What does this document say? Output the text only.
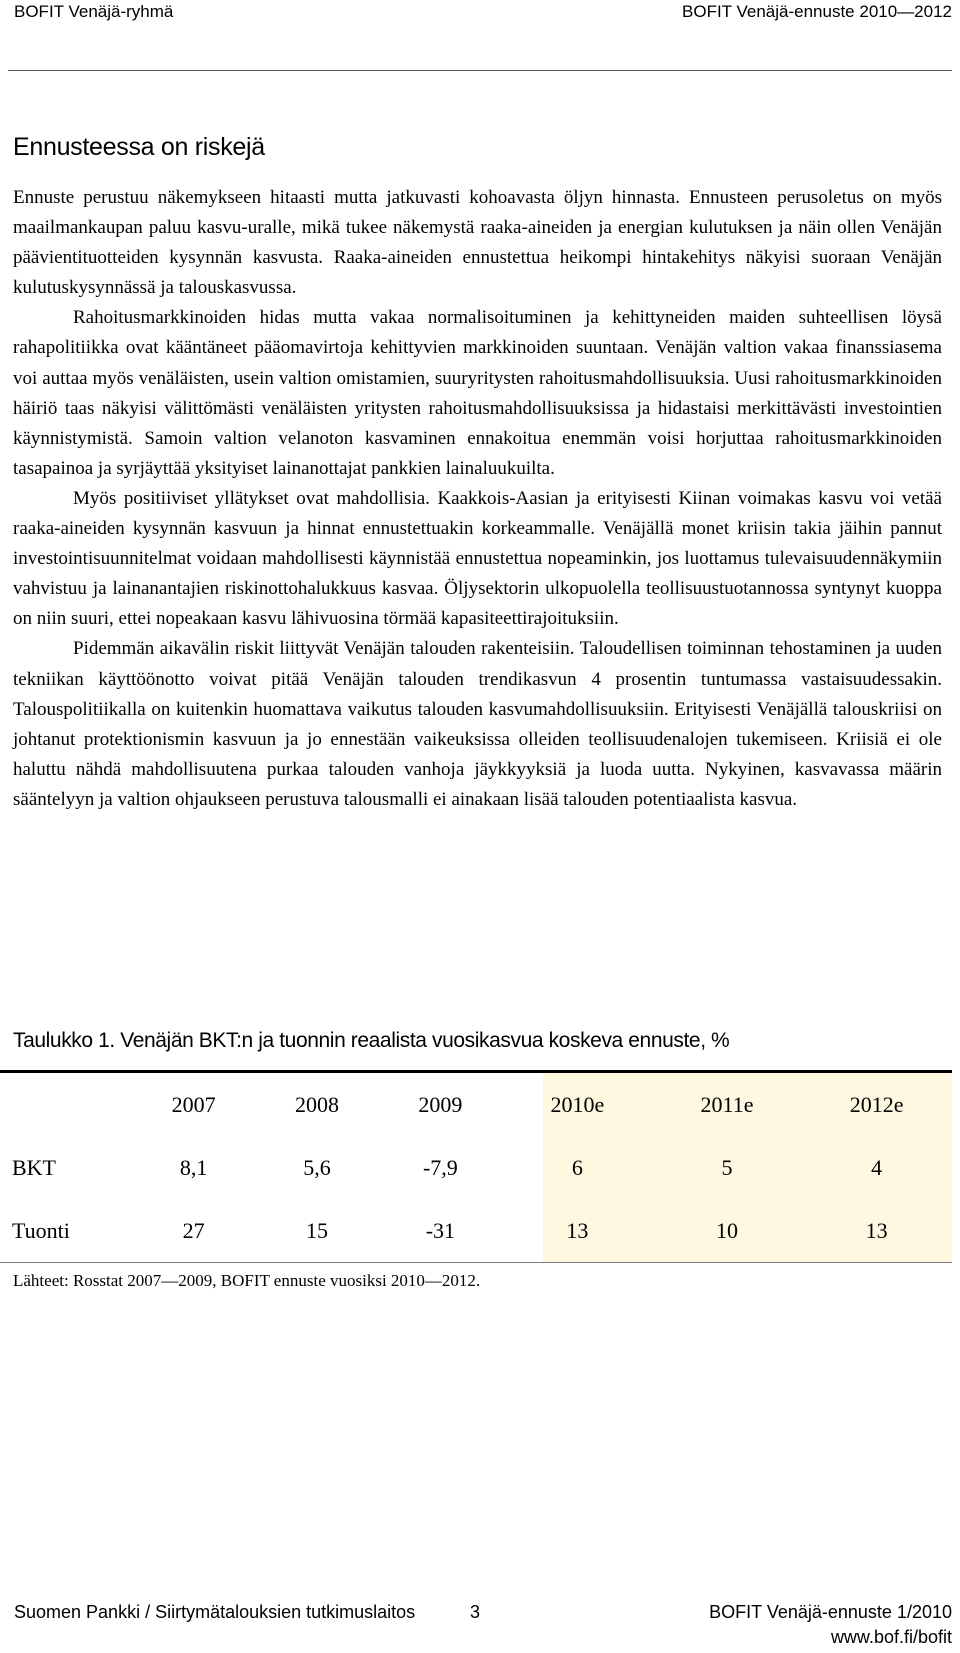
BOFIT Venäjä-ryhmä	BOFIT Venäjä-ennuste 2010—2012
Ennusteessa on riskejä

Ennuste perustuu näkemykseen hitaasti mutta jatkuvasti kohoavasta öljyn hinnasta. Ennusteen perusoletus on myös maailmankaupan paluu kasvu-uralle, mikä tukee näkemystä raaka-aineiden ja energian kulutuksen ja näin ollen Venäjän päävientituotteiden kysynnän kasvusta. Raaka-aineiden ennustettua heikompi hintakehitys näkyisi suoraan Venäjän kulutuskysynnässä ja talouskasvussa.

Rahoitusmarkkinoiden hidas mutta vakaa normalisoituminen ja kehittyneiden maiden suhteellisen löysä rahapolitiikka ovat kääntäneet pääomavirtoja kehittyvien markkinoiden suuntaan. Venäjän valtion vakaa finanssiasema voi auttaa myös venäläisten, usein valtion omistamien, suuryritysten rahoitusmahdollisuuksia. Uusi rahoitusmarkkinoiden häiriö taas näkyisi välittömästi venäläisten yritysten rahoitusmahdollisuuksissa ja hidastaisi merkittävästi investointien käynnistymistä. Samoin valtion velanoton kasvaminen ennakoitua enemmän voisi horjuttaa rahoitusmarkkinoiden tasapainoa ja syrjäyttää yksityiset lainanottajat pankkien lainaluukuilta.

Myös positiiviset yllätykset ovat mahdollisia. Kaakkois-Aasian ja erityisesti Kiinan voimakas kasvu voi vetää raaka-aineiden kysynnän kasvuun ja hinnat ennustettuakin korkeammalle. Venäjällä monet kriisin takia jäihin pannut investointisuunnitelmat voidaan mahdollisesti käynnistää ennustettua nopeaminkin, jos luottamus tulevaisuudennäkymiin vahvistuu ja lainanantajien riskinottohalukkuus kasvaa. Öljysektorin ulkopuolella teollisuustuotannossa syntynyt kuoppa on niin suuri, ettei nopeakaan kasvu lähivuosina törmää kapasiteettirajoituksiin.

Pidemmän aikavälin riskit liittyvät Venäjän talouden rakenteisiin. Taloudellisen toiminnan tehostaminen ja uuden tekniikan käyttöönotto voivat pitää Venäjän talouden trendikasvun 4 prosentin tuntumassa vastaisuudessakin. Talouspolitiikalla on kuitenkin huomattava vaikutus talouden kasvumahdollisuuksiin. Erityisesti Venäjällä talouskriisi on johtanut protektionismin kasvuun ja jo ennestään vaikeuksissa olleiden teollisuudenalojen tukemiseen. Kriisiä ei ole haluttu nähdä mahdollisuutena purkaa talouden vanhoja jäykkyyksiä ja luoda uutta. Nykyinen, kasvavassa määrin sääntelyyn ja valtion ohjaukseen perustuva talousmalli ei ainakaan lisää talouden potentiaalista kasvua.

Taulukko 1. Venäjän BKT:n ja tuonnin reaalista vuosikasvua koskeva ennuste, %
	2007	2008	2009	2010e	2011e	2012e
BKT	8,1	5,6	-7,9	6	5	4
Tuonti	27	15	-31	13	10	13

Lähteet: Rosstat 2007—2009, BOFIT ennuste vuosiksi 2010—2012.

Suomen Pankki / Siirtymätalouksien tutkimuslaitos	3	BOFIT Venäjä-ennuste 1/2010
www.bof.fi/bofit
